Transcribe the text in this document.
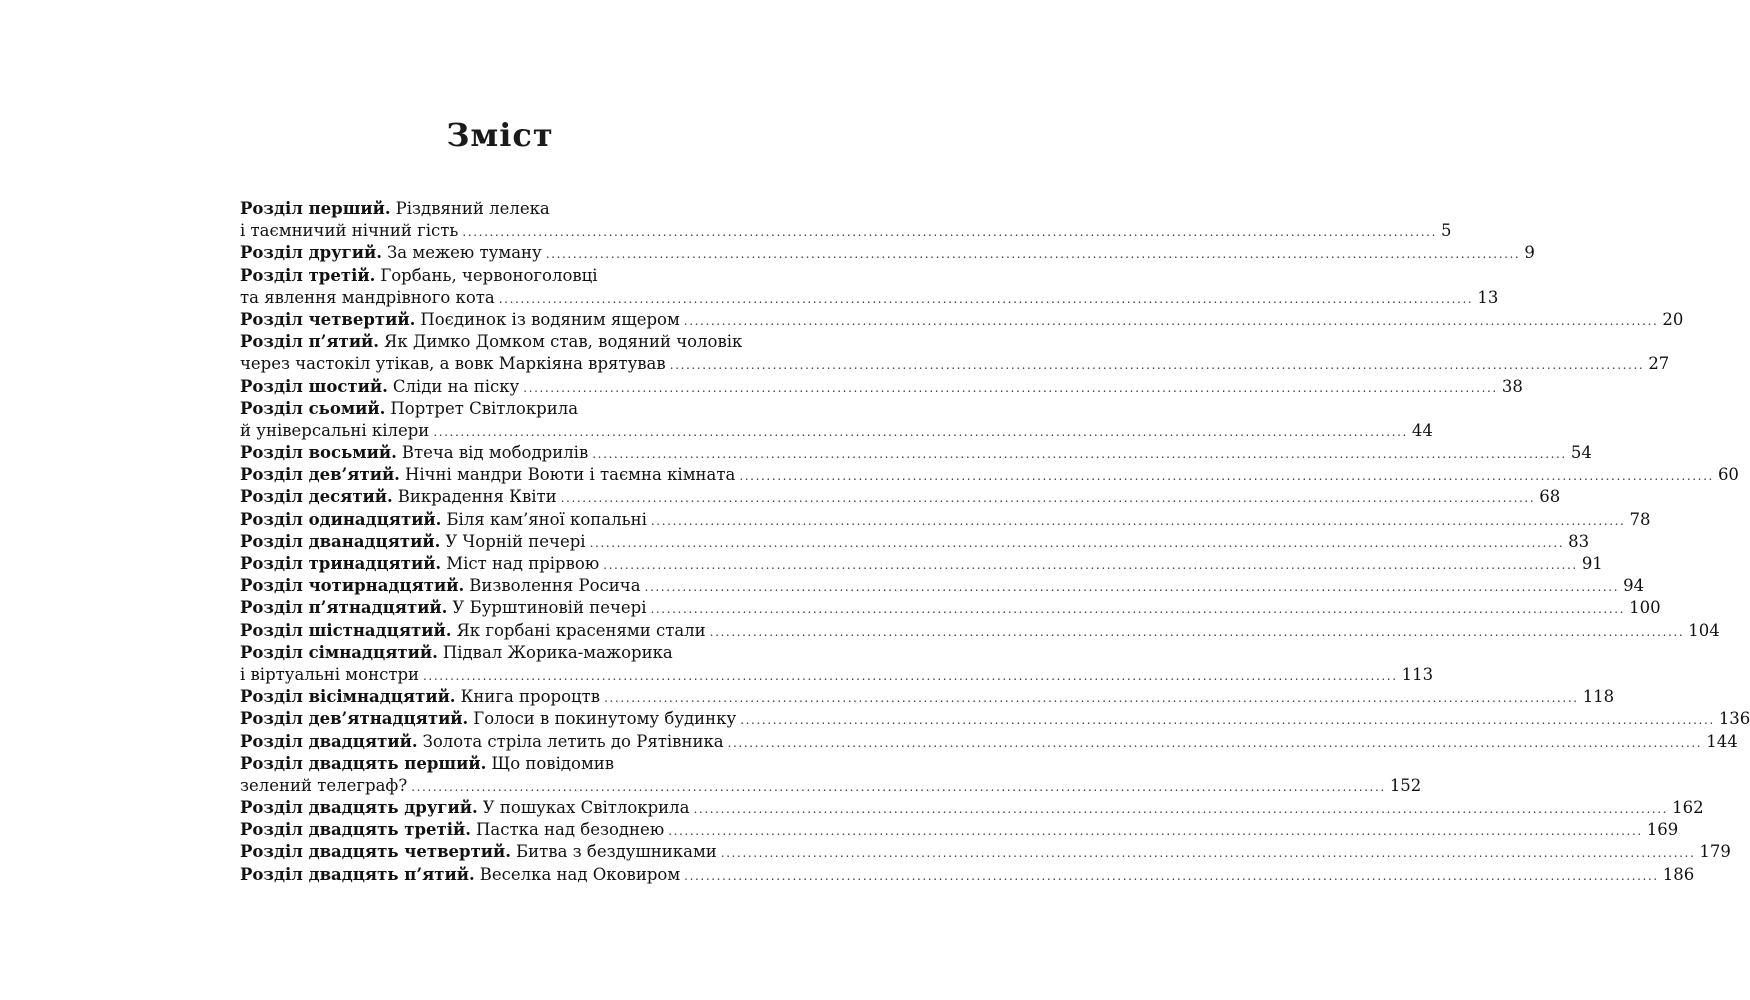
Зміст
Розділ перший. Різдвяний лелека
і таємничий нічний гість .....	5
Розділ другий. За межею туману .....	9
Розділ третій. Горбань, червоноголовці
та явлення мандрівного кота .....	13
Розділ четвертий. Поєдинок із водяним ящером .....	20
Розділ п’ятий. Як Димко Домком став, водяний чоловік
через частокіл утікав, а вовк Маркіяна врятував .....	27
Розділ шостий. Сліди на піску .....	38
Розділ сьомий. Портрет Світлокрила
й універсальні кілери .....	44
Розділ восьмий. Втеча від мободрилів .....	54
Розділ дев’ятий. Нічні мандри Воюти і таємна кімната .....	60
Розділ десятий. Викрадення Квіти .....	68
Розділ одинадцятий. Біля кам’яної копальні .....	78
Розділ дванадцятий. У Чорній печері .....	83
Розділ тринадцятий. Міст над прірвою .....	91
Розділ чотирнадцятий. Визволення Росича .....	94
Розділ п’ятнадцятий. У Бурштиновій печері .....	100
Розділ шістнадцятий. Як горбані красенями стали .....	104
Розділ сімнадцятий. Підвал Жорика-мажорика
і віртуальні монстри .....	113
Розділ вісімнадцятий. Книга пророцтв .....	118
Розділ дев’ятнадцятий. Голоси в покинутому будинку .....	136
Розділ двадцятий. Золота стріла летить до Рятівника .....	144
Розділ двадцять перший. Що повідомив
зелений телеграф? .....	152
Розділ двадцять другий. У пошуках Світлокрила .....	162
Розділ двадцять третій. Пастка над безоднею .....	169
Розділ двадцять четвертий. Битва з бездушниками .....	179
Розділ двадцять п’ятий. Веселка над Оковиром .....	186
